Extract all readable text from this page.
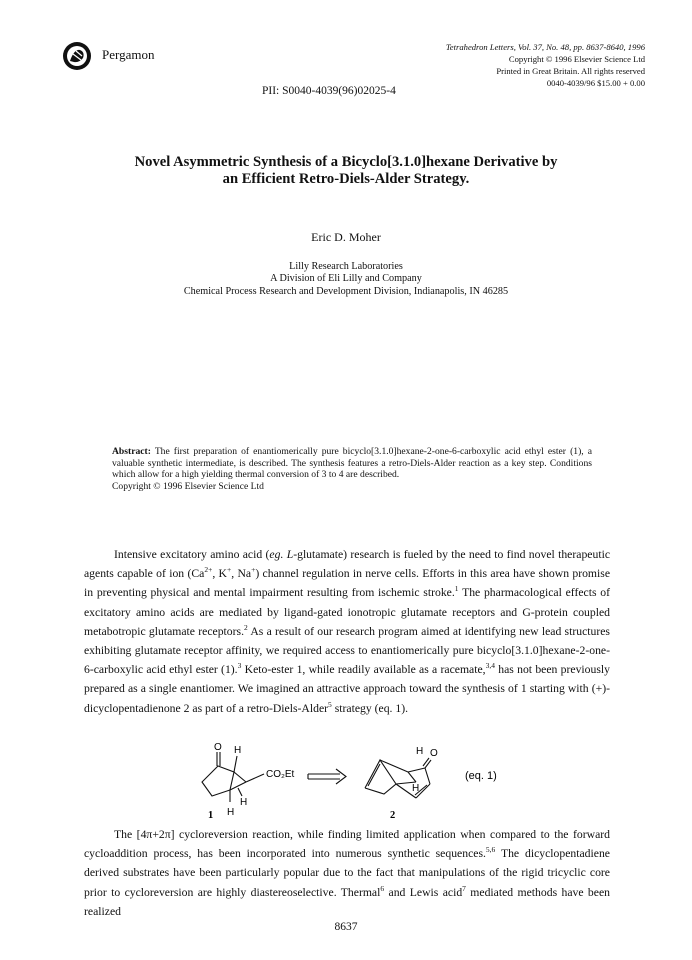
Pergamon	Tetrahedron Letters, Vol. 37, No. 48, pp. 8637-8640, 1996
Copyright © 1996 Elsevier Science Ltd
Printed in Great Britain. All rights reserved
0040-4039/96 $15.00 + 0.00
PII: S0040-4039(96)02025-4
Novel Asymmetric Synthesis of a Bicyclo[3.1.0]hexane Derivative by
an Efficient Retro-Diels-Alder Strategy.
Eric D. Moher
Lilly Research Laboratories
A Division of Eli Lilly and Company
Chemical Process Research and Development Division, Indianapolis, IN 46285
Abstract: The first preparation of enantiomerically pure bicyclo[3.1.0]hexane-2-one-6-carboxylic acid ethyl ester (1), a valuable synthetic intermediate, is described. The synthesis features a retro-Diels-Alder reaction as a key step. Conditions which allow for a high yielding thermal conversion of 3 to 4 are described.
Copyright © 1996 Elsevier Science Ltd
Intensive excitatory amino acid (eg. L-glutamate) research is fueled by the need to find novel therapeutic agents capable of ion ($Ca^{2+}$, K+, Na+) channel regulation in nerve cells. Efforts in this area have shown promise in preventing physical and mental impairment resulting from ischemic stroke.$^1$ The pharmacological effects of excitatory amino acids are mediated by ligand-gated ionotropic glutamate receptors and G-protein coupled metabotropic glutamate receptors.$^2$ As a result of our research program aimed at identifying new lead structures exhibiting glutamate receptor affinity, we required access to enantiomerically pure bicyclo[3.1.0]hexane-2-one-6-carboxylic acid ethyl ester (1).$^3$ Keto-ester 1, while readily available as a racemate,$^{3,4}$ has not been previously prepared as a single enantiomer. We imagined an attractive approach toward the synthesis of 1 starting with (+)-dicyclopentadienone 2 as part of a retro-Diels-Alder$^5$ strategy (eq. 1).
O H
CO₂Et
H
H
1
H O
H
2
(eq. 1)
The [4π+2π] cycloreversion reaction, while finding limited application when compared to the forward cycloaddition process, has been incorporated into numerous synthetic sequences.$^{5,6}$ The dicyclopentadiene derived substrates have been particularly popular due to the fact that manipulations of the rigid tricyclic core prior to cycloreversion are highly diastereoselective. Thermal$^6$ and Lewis acid$^7$ mediated methods have been realized
8637
